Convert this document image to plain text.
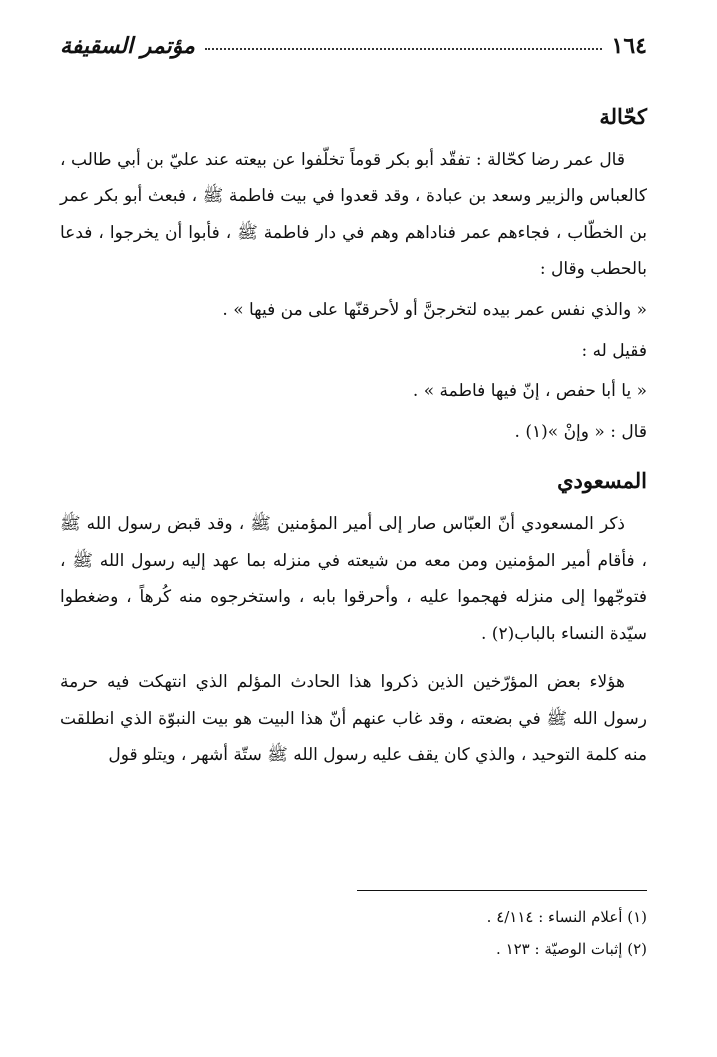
١٦٤
مؤتمر السقيفة
كحّالة

قال عمر رضا كحّالة : تفقّد أبو بكر قوماً تخلّفوا عن بيعته عند عليّ بن أبي طالب ، كالعباس والزبير وسعد بن عبادة ، وقد قعدوا في بيت فاطمة ﷺ ، فبعث أبو بكر عمر بن الخطّاب ، فجاءهم عمر فناداهم وهم في دار فاطمة ﷺ ، فأبوا أن يخرجوا ، فدعا بالحطب وقال :

« والذي نفس عمر بيده لتخرجنَّ أو لأحرقنّها على من فيها » .

فقيل له :

« يا أبا حفص ، إنّ فيها فاطمة » .

قال : « وإنْ »(١) .

المسعودي

ذكر المسعودي أنّ العبّاس صار إلى أمير المؤمنين ﷺ ، وقد قبض رسول الله ﷺ ، فأقام أمير المؤمنين ومن معه من شيعته في منزله بما عهد إليه رسول الله ﷺ ، فتوجّهوا إلى منزله فهجموا عليه ، وأحرقوا بابه ، واستخرجوه منه كُرهاً ، وضغطوا سيّدة النساء بالباب(٢) .

هؤلاء بعض المؤرّخين الذين ذكروا هذا الحادث المؤلم الذي انتهكت فيه حرمة رسول الله ﷺ في بضعته ، وقد غاب عنهم أنّ هذا البيت هو بيت النبوّة الذي انطلقت منه كلمة التوحيد ، والذي كان يقف عليه رسول الله ﷺ ستّة أشهر ، ويتلو قول

(١) أعلام النساء : ٤/١١٤ .
(٢) إثبات الوصيّة : ١٢٣ .
